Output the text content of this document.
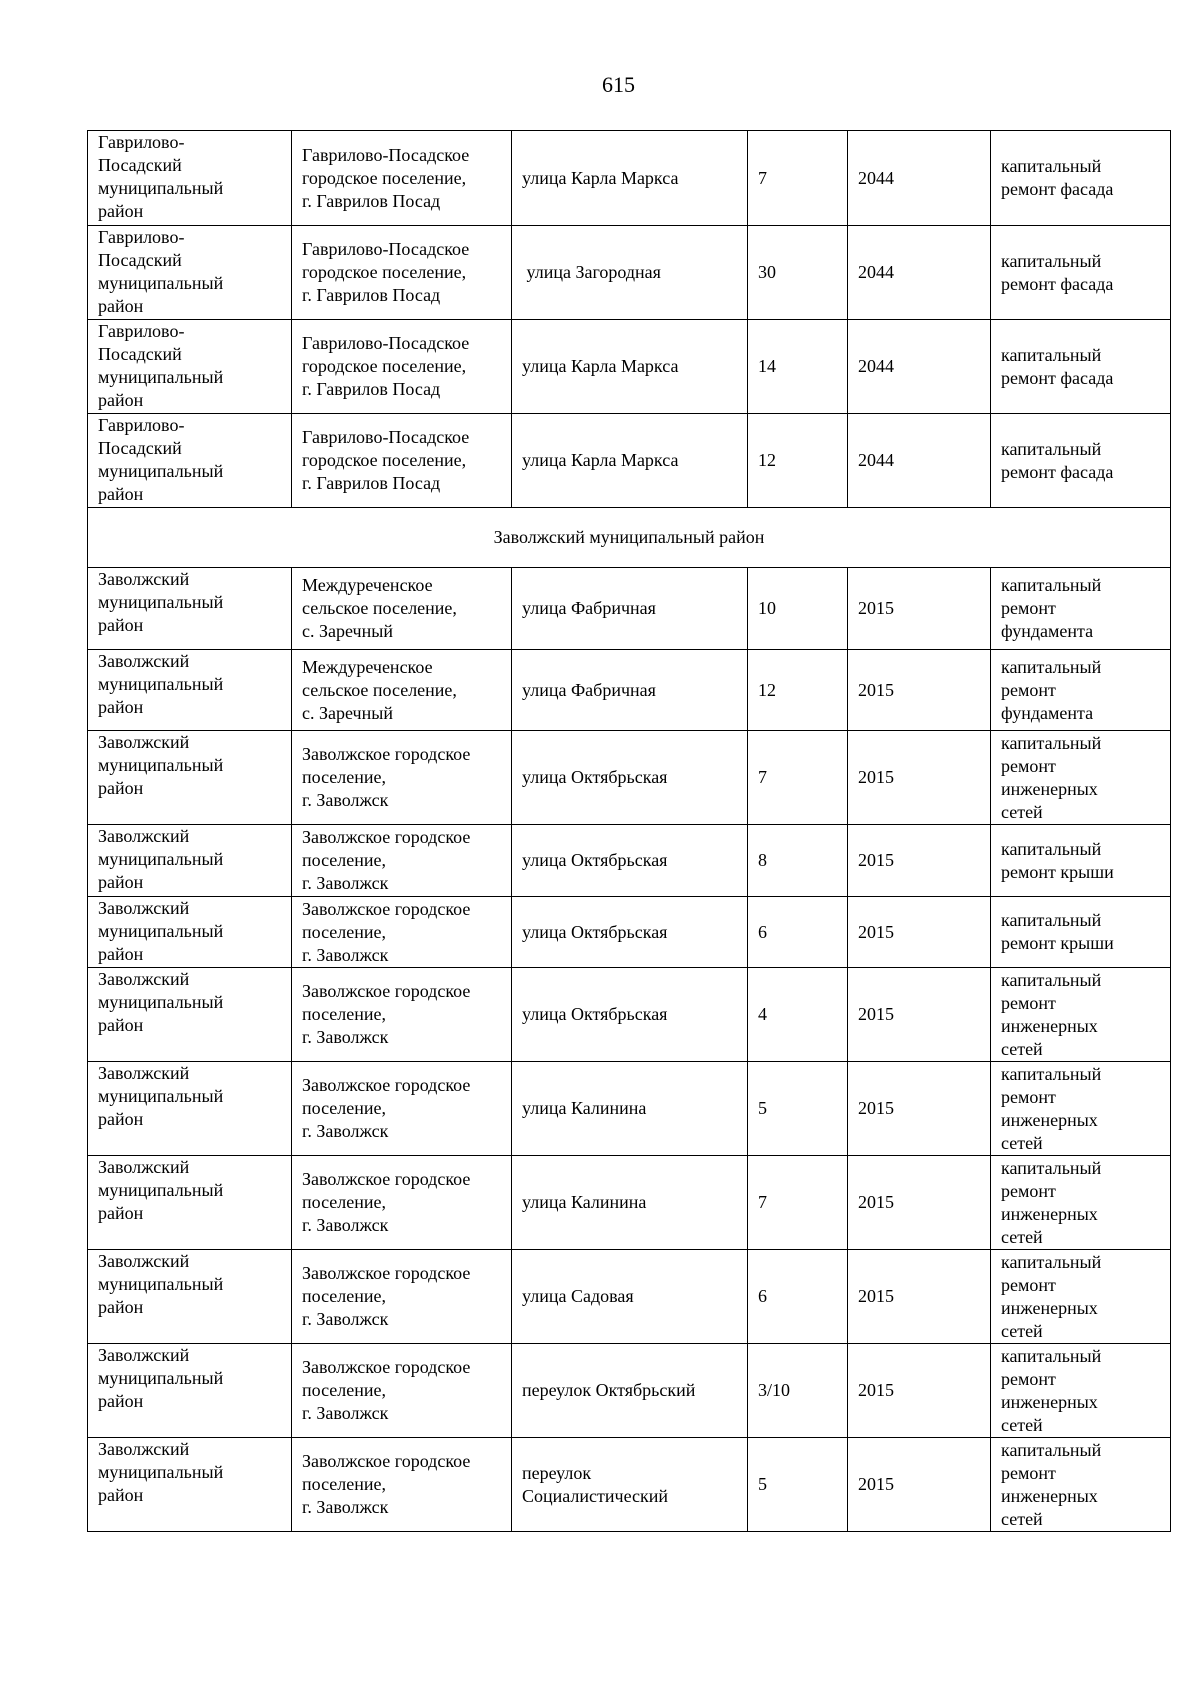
615
Гаврилово-
Посадский
муниципальный
район	Гаврилово-Посадское
городское поселение,
г. Гаврилов Посад	улица Карла Маркса	7	2044	капитальный
ремонт фасада

Гаврилово-
Посадский
муниципальный
район	Гаврилово-Посадское
городское поселение,
г. Гаврилов Посад	улица Загородная	30	2044	капитальный
ремонт фасада

Гаврилово-
Посадский
муниципальный
район	Гаврилово-Посадское
городское поселение,
г. Гаврилов Посад	улица Карла Маркса	14	2044	капитальный
ремонт фасада

Гаврилово-
Посадский
муниципальный
район	Гаврилово-Посадское
городское поселение,
г. Гаврилов Посад	улица Карла Маркса	12	2044	капитальный
ремонт фасада

Заволжский муниципальный район					

Заволжский
муниципальный
район	Междуреченское
сельское поселение,
с. Заречный	улица Фабричная	10	2015	капитальный
ремонт
фундамента

Заволжский
муниципальный
район	Междуреченское
сельское поселение,
с. Заречный	улица Фабричная	12	2015	капитальный
ремонт
фундамента

Заволжский
муниципальный
район	Заволжское городское
поселение,
г. Заволжск	улица Октябрьская	7	2015	капитальный
ремонт
инженерных
сетей

Заволжский
муниципальный
район	Заволжское городское
поселение,
г. Заволжск	улица Октябрьская	8	2015	капитальный
ремонт крыши

Заволжский
муниципальный
район	Заволжское городское
поселение,
г. Заволжск	улица Октябрьская	6	2015	капитальный
ремонт крыши

Заволжский
муниципальный
район	Заволжское городское
поселение,
г. Заволжск	улица Октябрьская	4	2015	капитальный
ремонт
инженерных
сетей

Заволжский
муниципальный
район	Заволжское городское
поселение,
г. Заволжск	улица Калинина	5	2015	капитальный
ремонт
инженерных
сетей

Заволжский
муниципальный
район	Заволжское городское
поселение,
г. Заволжск	улица Калинина	7	2015	капитальный
ремонт
инженерных
сетей

Заволжский
муниципальный
район	Заволжское городское
поселение,
г. Заволжск	улица Садовая	6	2015	капитальный
ремонт
инженерных
сетей

Заволжский
муниципальный
район	Заволжское городское
поселение,
г. Заволжск	переулок Октябрьский	3/10	2015	капитальный
ремонт
инженерных
сетей

Заволжский
муниципальный
район	Заволжское городское
поселение,
г. Заволжск	переулок
Социалистический	5	2015	капитальный
ремонт
инженерных
сетей
